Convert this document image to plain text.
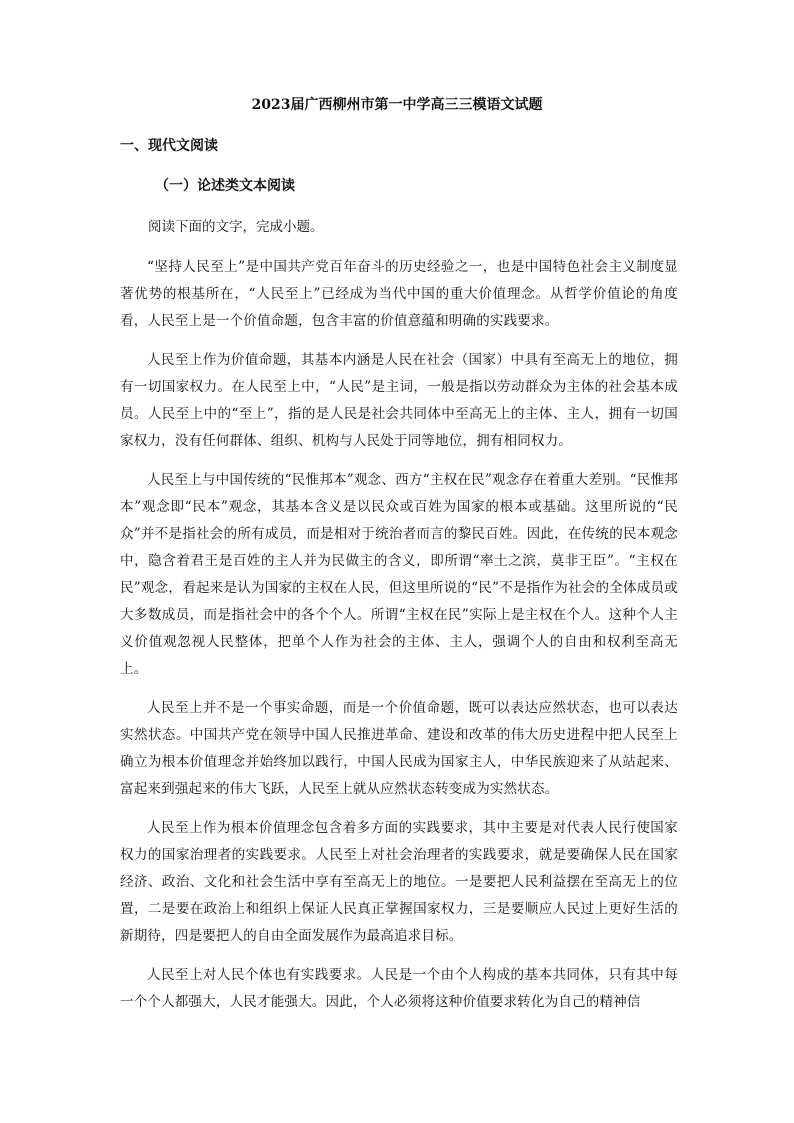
2023届广西柳州市第一中学高三三模语文试题
一、现代文阅读
（一）论述类文本阅读
阅读下面的文字，完成小题。

“坚持人民至上”是中国共产党百年奋斗的历史经验之一，也是中国特色社会主义制度显著优势的根基所在，“人民至上”已经成为当代中国的重大价值理念。从哲学价值论的角度看，人民至上是一个价值命题，包含丰富的价值意蕴和明确的实践要求。

人民至上作为价值命题，其基本内涵是人民在社会（国家）中具有至高无上的地位，拥有一切国家权力。在人民至上中，“人民”是主词，一般是指以劳动群众为主体的社会基本成员。人民至上中的“至上”，指的是人民是社会共同体中至高无上的主体、主人，拥有一切国家权力，没有任何群体、组织、机构与人民处于同等地位，拥有相同权力。

人民至上与中国传统的“民惟邦本”观念、西方“主权在民”观念存在着重大差别。“民惟邦本”观念即“民本”观念，其基本含义是以民众或百姓为国家的根本或基础。这里所说的“民众”并不是指社会的所有成员，而是相对于统治者而言的黎民百姓。因此，在传统的民本观念中，隐含着君王是百姓的主人并为民做主的含义，即所谓“率土之滨，莫非王臣”。“主权在民”观念，看起来是认为国家的主权在人民，但这里所说的“民”不是指作为社会的全体成员或大多数成员，而是指社会中的各个个人。所谓“主权在民”实际上是主权在个人。这种个人主义价值观忽视人民整体，把单个人作为社会的主体、主人，强调个人的自由和权利至高无上。

人民至上并不是一个事实命题，而是一个价值命题，既可以表达应然状态，也可以表达实然状态。中国共产党在领导中国人民推进革命、建设和改革的伟大历史进程中把人民至上确立为根本价值理念并始终加以践行，中国人民成为国家主人，中华民族迎来了从站起来、富起来到强起来的伟大飞跃，人民至上就从应然状态转变成为实然状态。

人民至上作为根本价值理念包含着多方面的实践要求，其中主要是对代表人民行使国家权力的国家治理者的实践要求。人民至上对社会治理者的实践要求，就是要确保人民在国家经济、政治、文化和社会生活中享有至高无上的地位。一是要把人民利益摆在至高无上的位置，二是要在政治上和组织上保证人民真正掌握国家权力，三是要顺应人民过上更好生活的新期待，四是要把人的自由全面发展作为最高追求目标。

人民至上对人民个体也有实践要求。人民是一个由个人构成的基本共同体，只有其中每一个个人都强大，人民才能强大。因此，个人必须将这种价值要求转化为自己的精神信
